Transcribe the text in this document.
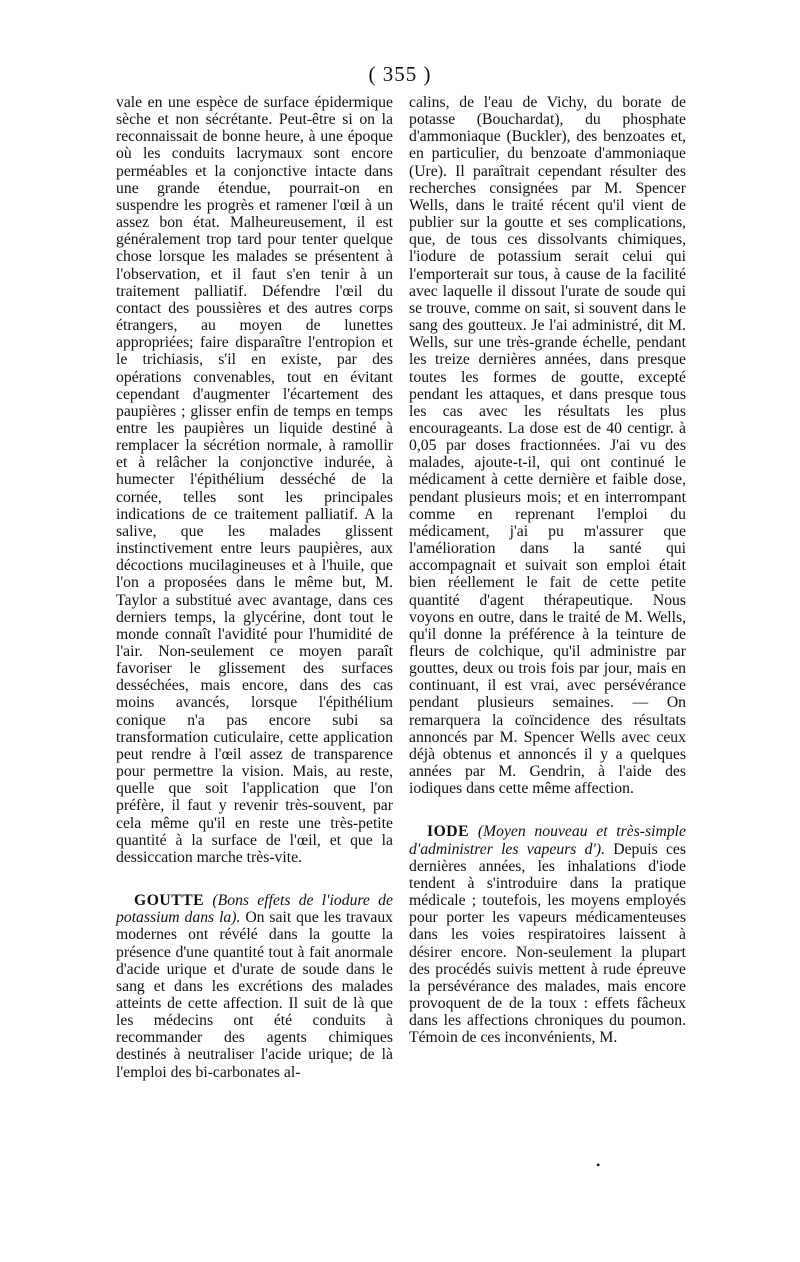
( 355 )

vale en une espèce de surface épidermique sèche et non sécrétante. Peut-être si on la reconnaissait de bonne heure, à une époque où les conduits lacrymaux sont encore perméables et la conjonctive intacte dans une grande étendue, pourrait-on en suspendre les progrès et ramener l'œil à un assez bon état. Malheureusement, il est généralement trop tard pour tenter quelque chose lorsque les malades se présentent à l'observation, et il faut s'en tenir à un traitement palliatif. Défendre l'œil du contact des poussières et des autres corps étrangers, au moyen de lunettes appropriées; faire disparaître l'entropion et le trichiasis, s'il en existe, par des opérations convenables, tout en évitant cependant d'augmenter l'écartement des paupières ; glisser enfin de temps en temps entre les paupières un liquide destiné à remplacer la sécrétion normale, à ramollir et à relâcher la conjonctive indurée, à humecter l'épithélium desséché de la cornée, telles sont les principales indications de ce traitement palliatif. A la salive, que les malades glissent instinctivement entre leurs paupières, aux décoctions mucilagineuses et à l'huile, que l'on a proposées dans le même but, M. Taylor a substitué avec avantage, dans ces derniers temps, la glycérine, dont tout le monde connaît l'avidité pour l'humidité de l'air. Non-seulement ce moyen paraît favoriser le glissement des surfaces desséchées, mais encore, dans des cas moins avancés, lorsque l'épithélium conique n'a pas encore subi sa transformation cuticulaire, cette application peut rendre à l'œil assez de transparence pour permettre la vision. Mais, au reste, quelle que soit l'application que l'on préfère, il faut y revenir très-souvent, par cela même qu'il en reste une très-petite quantité à la surface de l'œil, et que la dessiccation marche très-vite.

GOUTTE (Bons effets de l'iodure de potassium dans la). On sait que les travaux modernes ont révélé dans la goutte la présence d'une quantité tout à fait anormale d'acide urique et d'urate de soude dans le sang et dans les excrétions des malades atteints de cette affection. Il suit de là que les médecins ont été conduits à recommander des agents chimiques destinés à neutraliser l'acide urique; de là l'emploi des bi-carbonates al-

calins, de l'eau de Vichy, du borate de potasse (Bouchardat), du phosphate d'ammoniaque (Buckler), des benzoates et, en particulier, du benzoate d'ammoniaque (Ure). Il paraîtrait cependant résulter des recherches consignées par M. Spencer Wells, dans le traité récent qu'il vient de publier sur la goutte et ses complications, que, de tous ces dissolvants chimiques, l'iodure de potassium serait celui qui l'emporterait sur tous, à cause de la facilité avec laquelle il dissout l'urate de soude qui se trouve, comme on sait, si souvent dans le sang des goutteux. Je l'ai administré, dit M. Wells, sur une très-grande échelle, pendant les treize dernières années, dans presque toutes les formes de goutte, excepté pendant les attaques, et dans presque tous les cas avec les résultats les plus encourageants. La dose est de 40 centigr. à 0,05 par doses fractionnées. J'ai vu des malades, ajoute-t-il, qui ont continué le médicament à cette dernière et faible dose, pendant plusieurs mois; et en interrompant comme en reprenant l'emploi du médicament, j'ai pu m'assurer que l'amélioration dans la santé qui accompagnait et suivait son emploi était bien réellement le fait de cette petite quantité d'agent thérapeutique. Nous voyons en outre, dans le traité de M. Wells, qu'il donne la préférence à la teinture de fleurs de colchique, qu'il administre par gouttes, deux ou trois fois par jour, mais en continuant, il est vrai, avec persévérance pendant plusieurs semaines. — On remarquera la coïncidence des résultats annoncés par M. Spencer Wells avec ceux déjà obtenus et annoncés il y a quelques années par M. Gendrin, à l'aide des iodiques dans cette même affection.

IODE (Moyen nouveau et très-simple d'administrer les vapeurs d'). Depuis ces dernières années, les inhalations d'iode tendent à s'introduire dans la pratique médicale ; toutefois, les moyens employés pour porter les vapeurs médicamenteuses dans les voies respiratoires laissent à désirer encore. Non-seulement la plupart des procédés suivis mettent à rude épreuve la persévérance des malades, mais encore provoquent de de la toux : effets fâcheux dans les affections chroniques du poumon. Témoin de ces inconvénients, M.

•
